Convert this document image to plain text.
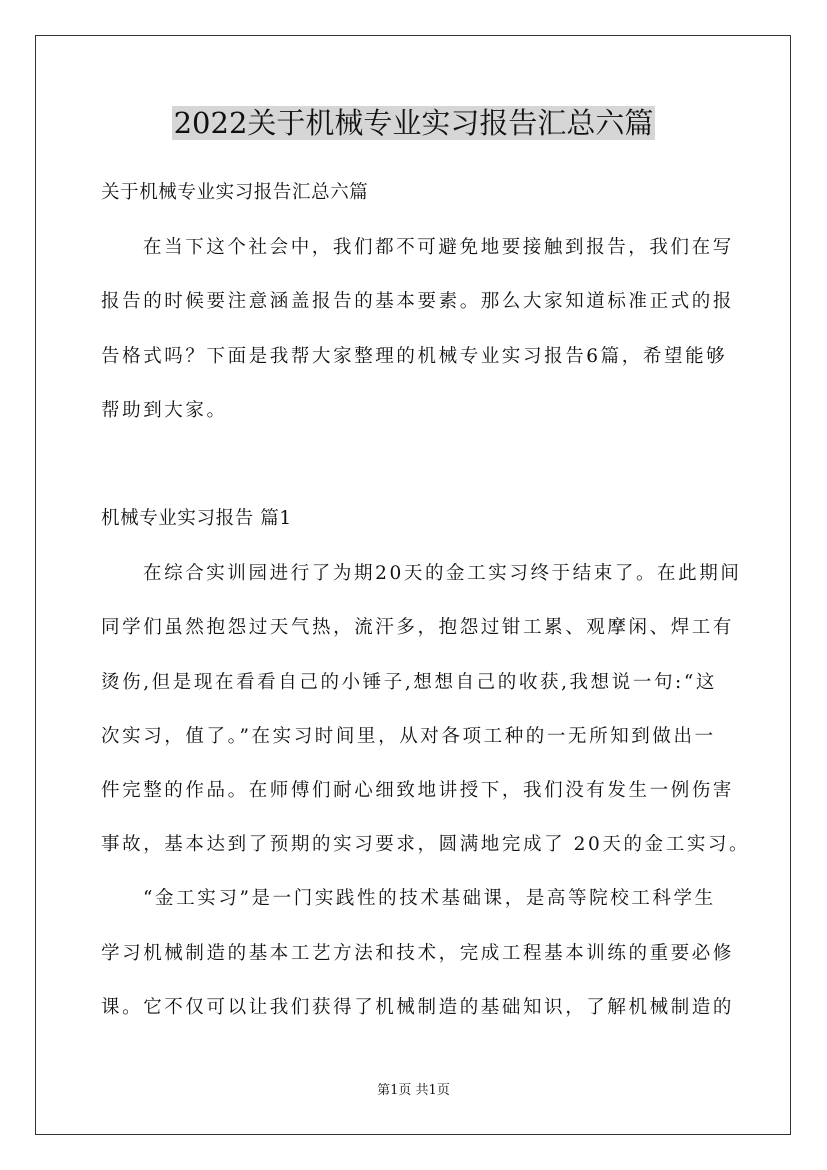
2022关于机械专业实习报告汇总六篇

关于机械专业实习报告汇总六篇

在当下这个社会中，我们都不可避免地要接触到报告，我们在写

报告的时候要注意涵盖报告的基本要素。那么大家知道标准正式的报

告格式吗？下面是我帮大家整理的机械专业实习报告6篇，希望能够

帮助到大家。

机械专业实习报告 篇1

在综合实训园进行了为期20天的金工实习终于结束了。在此期间

同学们虽然抱怨过天气热，流汗多，抱怨过钳工累、观摩闲、焊工有

烫伤,但是现在看看自己的小锤子,想想自己的收获,我想说一句:“这

次实习，值了。”在实习时间里，从对各项工种的一无所知到做出一

件完整的作品。在师傅们耐心细致地讲授下，我们没有发生一例伤害

事故，基本达到了预期的实习要求，圆满地完成了 20天的金工实习。

“金工实习”是一门实践性的技术基础课，是高等院校工科学生

学习机械制造的基本工艺方法和技术，完成工程基本训练的重要必修

课。它不仅可以让我们获得了机械制造的基础知识，了解机械制造的

第1页 共1页
